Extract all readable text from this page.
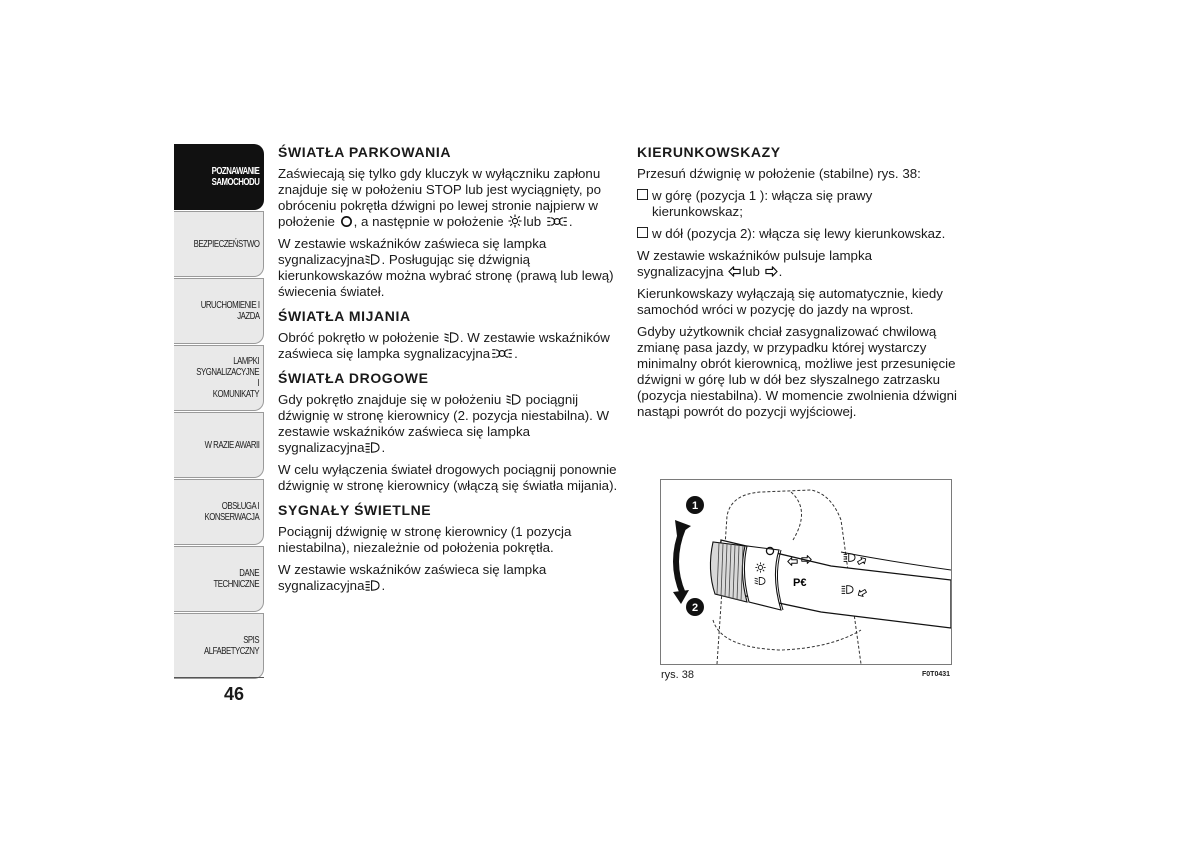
POZNAWANIE
SAMOCHODU
BEZPIECZEŃSTWO
URUCHOMIENIE I
JAZDA
LAMPKI
SYGNALIZACYJNE I
KOMUNIKATY
W RAZIE AWARII
OBSŁUGA I
KONSERWACJA
DANE TECHNICZNE
SPIS ALFABETYCZNY
46
ŚWIATŁA PARKOWANIA

Zaświecają się tylko gdy kluczyk w wyłączniku zapłonu znajduje się w położeniu STOP lub jest wyciągnięty, po obróceniu pokrętła dźwigni po lewej stronie najpierw w położenie , a następnie w położenie lub .

W zestawie wskaźników zaświeca się lampka sygnalizacyjna . Posługując się dźwignią kierunkowskazów można wybrać stronę (prawą lub lewą) świecenia świateł.

ŚWIATŁA MIJANIA

Obróć pokrętło w położenie . W zestawie wskaźników zaświeca się lampka sygnalizacyjna .

ŚWIATŁA DROGOWE

Gdy pokrętło znajduje się w położeniu pociągnij dźwignię w stronę kierownicy (2. pozycja niestabilna). W zestawie wskaźników zaświeca się lampka sygnalizacyjna .

W celu wyłączenia świateł drogowych pociągnij ponownie dźwignię w stronę kierownicy (włączą się światła mijania).

SYGNAŁY ŚWIETLNE

Pociągnij dźwignię w stronę kierownicy (1 pozycja niestabilna), niezależnie od położenia pokrętła.

W zestawie wskaźników zaświeca się lampka sygnalizacyjna .

KIERUNKOWSKAZY

Przesuń dźwignię w położenie (stabilne) rys. 38:

w górę (pozycja 1 ): włącza się prawy kierunkowskaz;

w dół (pozycja 2): włącza się lewy kierunkowskaz.

W zestawie wskaźników pulsuje lampka sygnalizacyjna lub .

Kierunkowskazy wyłączają się automatycznie, kiedy samochód wróci w pozycję do jazdy na wprost.

Gdyby użytkownik chciał zasygnalizować chwilową zmianę pasa jazdy, w przypadku której wystarczy minimalny obrót kierownicą, możliwe jest przesunięcie dźwigni w górę lub w dół bez słyszalnego zatrzasku (pozycja niestabilna). W momencie zwolnienia dźwigni nastąpi powrót do pozycji wyjściowej.

P€
1
2
rys. 38	F0T0431
